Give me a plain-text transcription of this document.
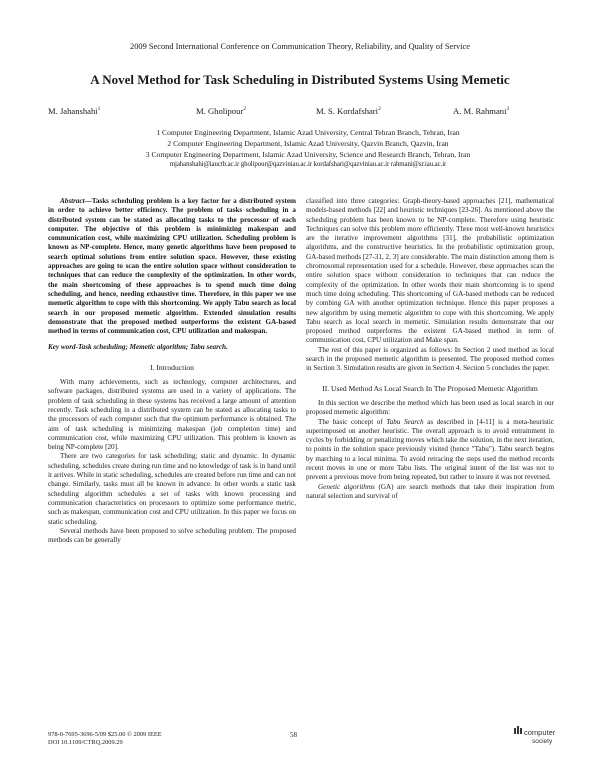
2009 Second International Conference on Communication Theory, Reliability, and Quality of Service
A Novel Method for Task Scheduling in Distributed Systems Using Memetic
M. Jahanshahi$^1$	M. Gholipour$^2$	M. S. Kordafshari$^2$	A. M. Rahmani$^3$
1 Computer Engineering Department, Islamic Azad University, Central Tehran Branch, Tehran, Iran
2 Computer Engineering Department, Islamic Azad University, Qazvin Branch, Qazvin, Iran
3 Computer Engineering Department, Islamic Azad University, Science and Research Branch, Tehran, Iran
mjahanshahi@iauctb.ac.ir gholipour@qazviniau.ac.ir kordafshari@qazviniau.ac.ir rahmani@sr.iau.ac.ir

Abstract—Tasks scheduling problem is a key factor for a distributed system in order to achieve better efficiency. The problem of tasks scheduling in a distributed system can be stated as allocating tasks to the processor of each computer. The objective of this problem is minimizing makespan and communication cost, while maximizing CPU utilization. Scheduling problem is known as NP-complete. Hence, many genetic algorithms have been proposed to search optimal solutions from entire solution space. However, these existing approaches are going to scan the entire solution space without consideration to techniques that can reduce the complexity of the optimization. In other words, the main shortcoming of these approaches is to spend much time doing scheduling, and hence, needing exhaustive time. Therefore, in this paper we use memetic algorithm to cope with this shortcoming. We apply Tabu search as local search in our proposed memetic algorithm. Extended simulation results demonstrate that the proposed method outperforms the existent GA-based method in terms of communication cost, CPU utilization and makespan.

Key word-Task scheduling; Memetic algorithm; Tabu search.

I. Introduction

With many achievements, such as technology, computer architectures, and software packages, distributed systems are used in a variety of applications. The problem of task scheduling in these systems has received a large amount of attention recently. Task scheduling in a distributed system can be stated as allocating tasks to the processors of each computer such that the optimum performance is obtained. The aim of task scheduling is minimizing makespan (job completion time) and communication cost, while maximizing CPU utilization. This problem is known as being NP-complete [20].

There are two categories for task scheduling; static and dynamic. In dynamic scheduling, schedules create during run time and no knowledge of task is in hand until it arrives. While in static scheduling, schedules are created before run time and can not change. Similarly, tasks must all be known in advance. In other words a static task scheduling algorithm schedules a set of tasks with known processing and communication characteristics on processors to optimize some performance metric, such as makespan, communication cost and CPU utilization. In this paper we focus on static scheduling.

Several methods have been proposed to solve scheduling problem. The proposed methods can be generally

classified into three categories: Graph-theory-based approaches [21], mathematical models-based methods [22] and heuristic techniques [23-26]. As mentioned above the scheduling problem has been known to be NP-complete. Therefore using heuristic Techniques can solve this problem more efficiently. Three most well-known heuristics are the iterative improvement algorithms [31], the probabilistic optimization algorithms, and the constructive heuristics. In the probabilistic optimization group, GA-based methods [27-31, 2, 3] are considerable. The main distinction among them is chromosomal representation used for a schedule. However, these approaches scan the entire solution space without consideration to techniques that can reduce the complexity of the optimization. In other words their main shortcoming is to spend much time doing scheduling. This shortcoming of GA-based methods can be reduced by combing GA with another optimization technique. Hence this paper proposes a new algorithm by using memetic algorithm to cope with this shortcoming. We apply Tabu search as local search in memetic. Simulation results demonstrate that our proposed method outperforms the existent GA-based method in term of communication cost, CPU utilization and Make span.

The rest of this paper is organized as follows: In Section 2 used method as local search in the proposed memetic algorithm is presented. The proposed method comes in Section 3. Simulation results are given in Section 4. Section 5 concludes the paper.

II. Used Method As Local Search In The Proposed Memetic Algorithm

In this section we describe the method which has been used as local search in our proposed memetic algorithm:

The basic concept of Tabu Search as described in [4-11] is a meta-heuristic superimposed on another heuristic. The overall approach is to avoid entrainment in cycles by forbidding or penalizing moves which take the solution, in the next iteration, to points in the solution space previously visited (hence "Tabu"). Tabu search begins by marching to a local minima. To avoid retracing the steps used the method records recent moves in one or more Tabu lists. The original intent of the list was not to prevent a previous move from being repeated, but rather to insure it was not reversed.

Genetic algorithms (GA) are search methods that take their inspiration from natural selection and survival of

978-0-7695-3696-5/09 $25.00 © 2009 IEEE
DOI 10.1109/CTRQ.2009.29
58	computer
society
